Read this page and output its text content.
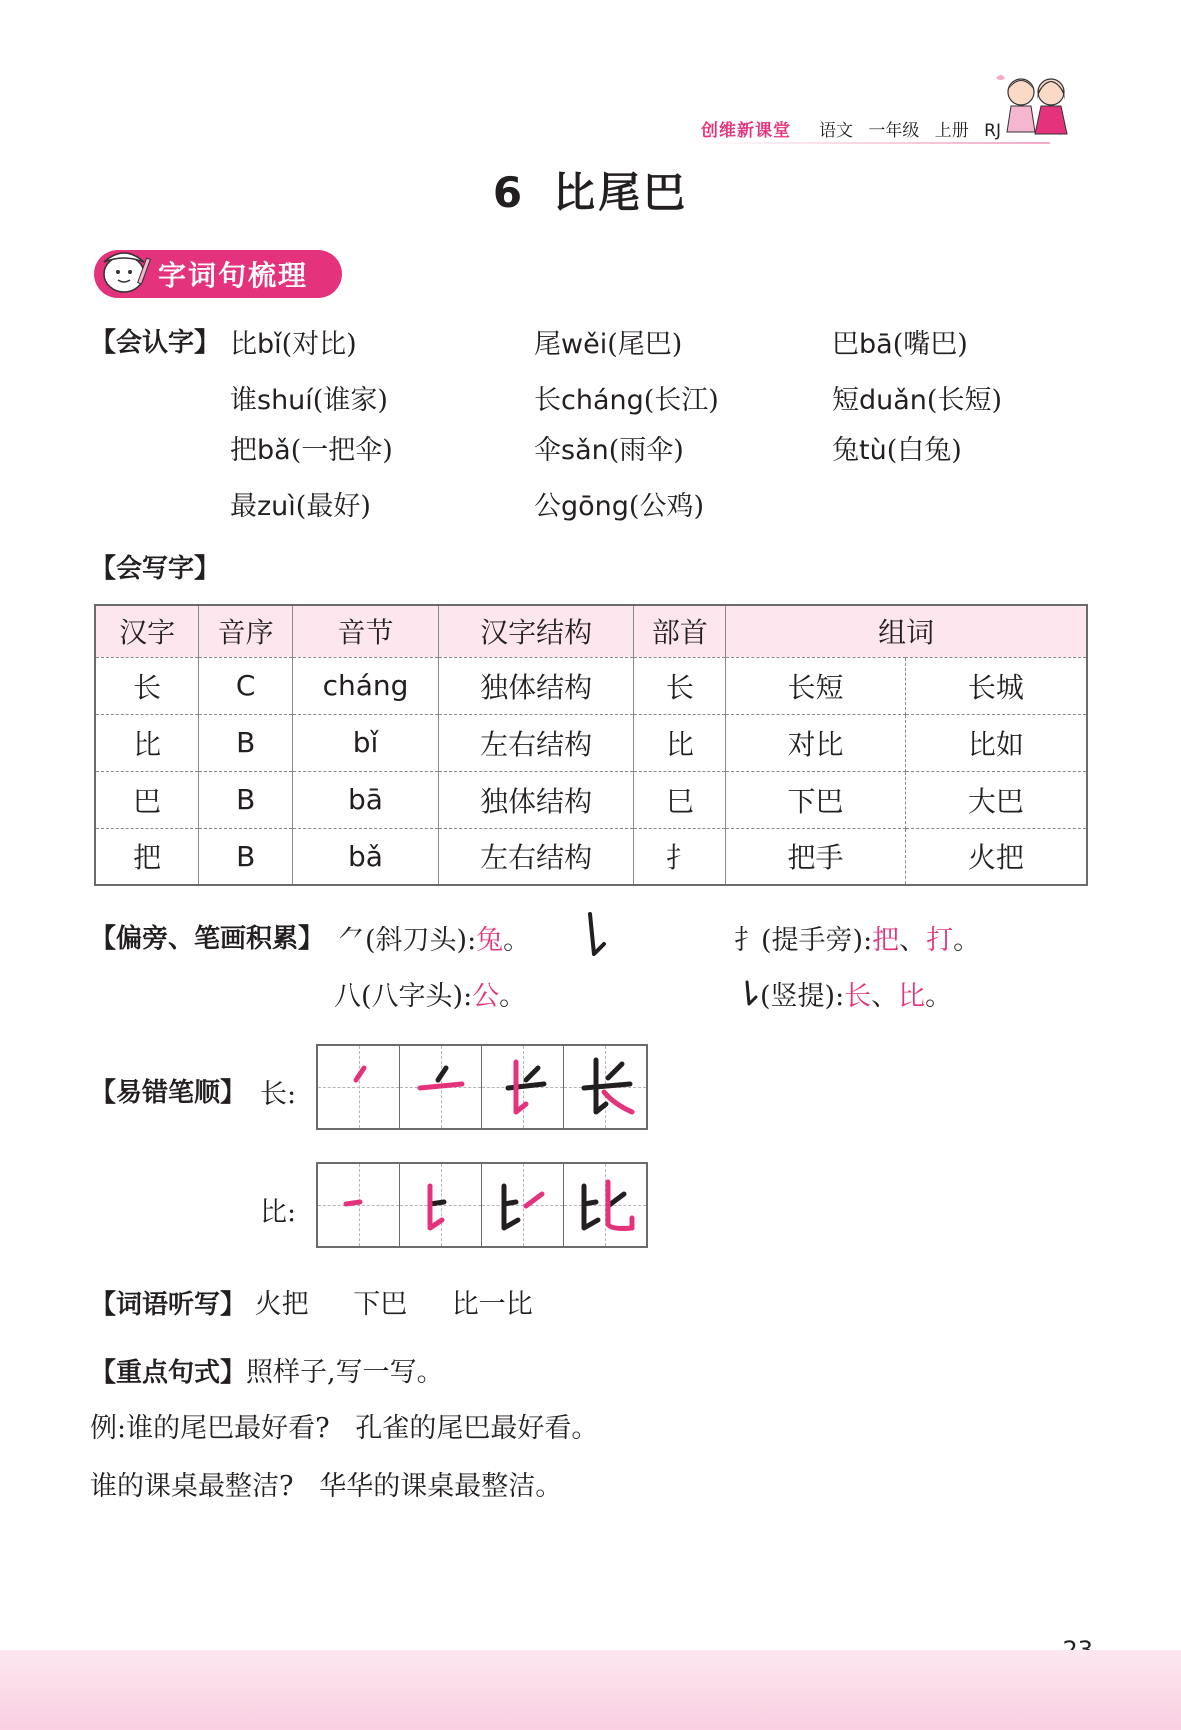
创维新课堂	语文 一年级 上册 RJ
6 比尾巴
字词句梳理
【会认字】 比bǐ(对比)	尾wěi(尾巴)	巴bā(嘴巴)
谁shuí(谁家)	长cháng(长江)	短duǎn(长短)
把bǎ(一把伞)	伞sǎn(雨伞)	兔tù(白兔)
最zuì(最好)	公gōng(公鸡)
【会写字】
汉字	音序	音节	汉字结构	部首	组词	
长	C	cháng	独体结构	长	长短	长城
比	B	bǐ	左右结构	比	对比	比如
巴	B	bā	独体结构	巳	下巴	大巴
把	B	bǎ	左右结构	扌	把手	火把
【偏旁、笔画积累】 ⺈(斜刀头):兔。	扌(提手旁):把、打。
八(八字头):公。	(竖提):长、比。
【易错笔顺】 长:
比:
【词语听写】 火把 下巴 比一比
【重点句式】照样子,写一写。
例:谁的尾巴最好看?   孔雀的尾巴最好看。
谁的课桌最整洁?   华华的课桌最整洁。
